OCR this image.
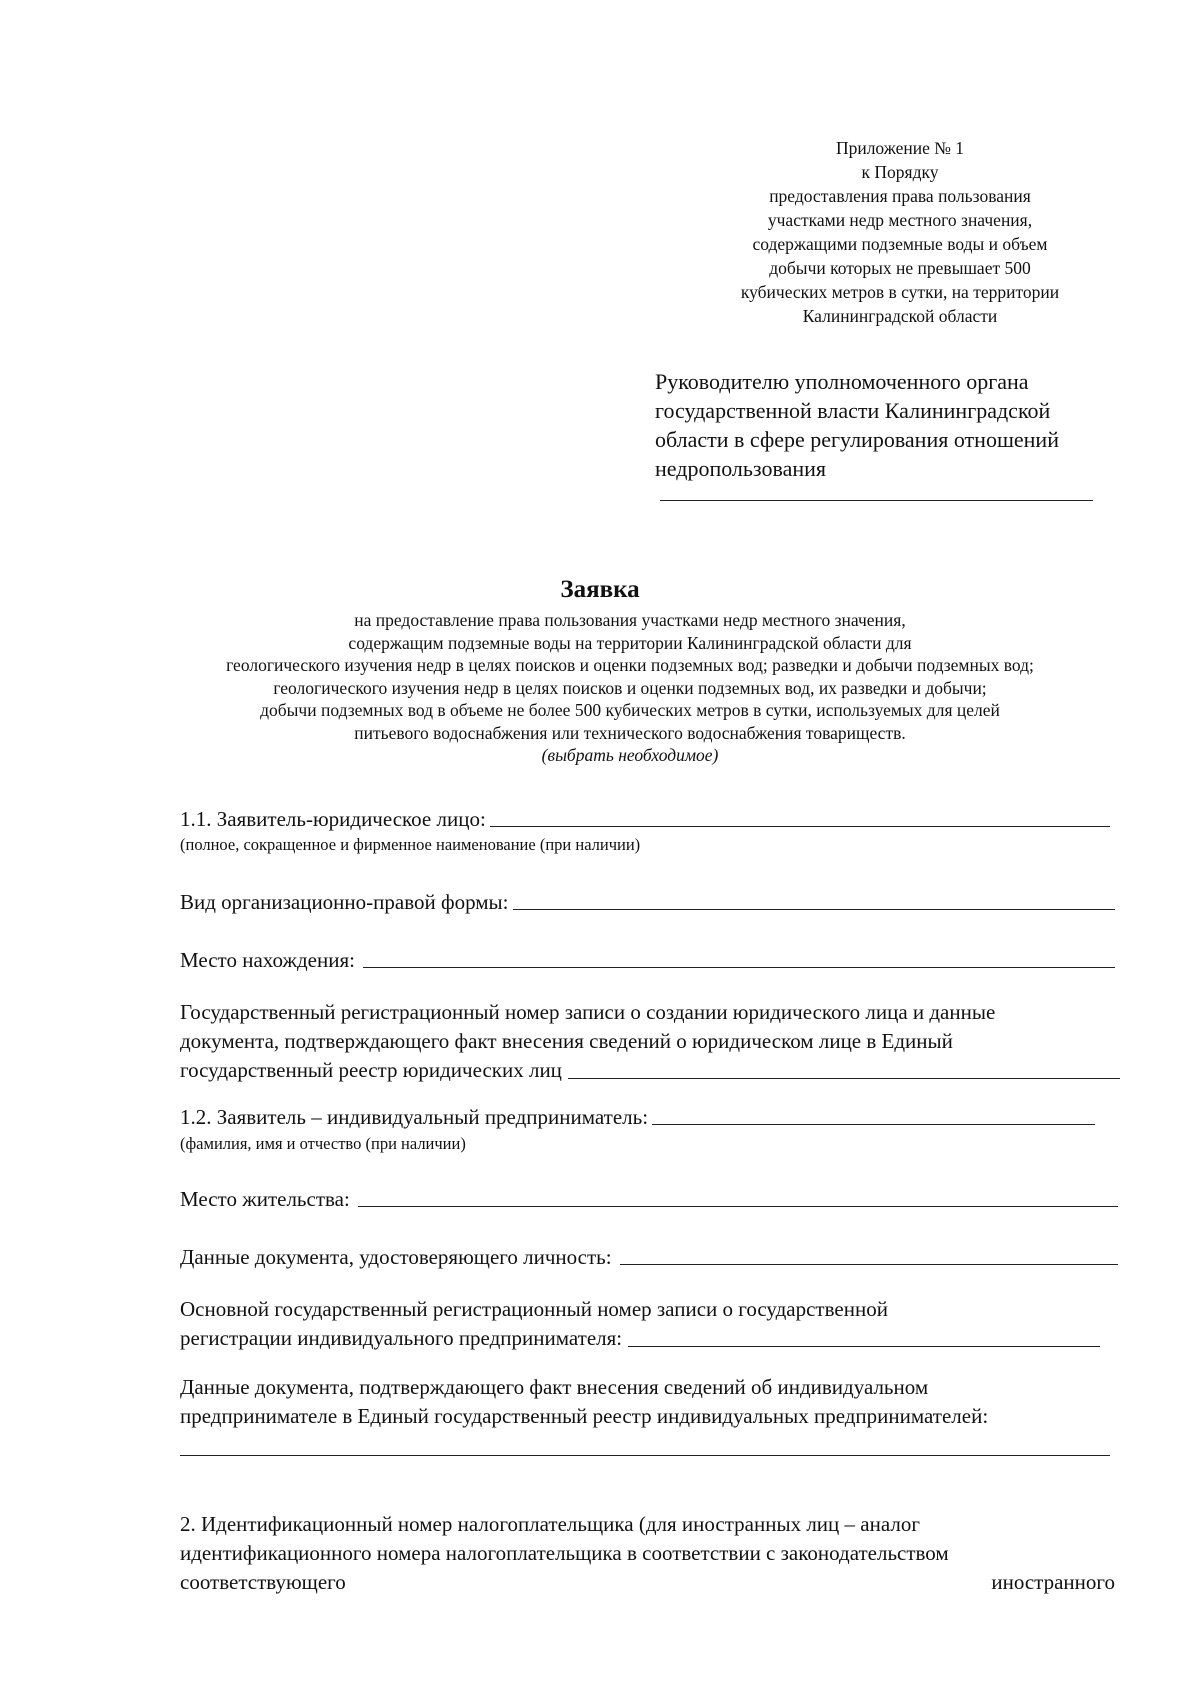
Приложение № 1
к Порядку
предоставления права пользования
участками недр местного значения,
содержащими подземные воды и объем
добычи которых не превышает 500
кубических метров в сутки, на территории
Калининградской области
Руководителю уполномоченного органа
государственной власти Калининградской
области в сфере регулирования отношений
недропользования
Заявка
на предоставление права пользования участками недр местного значения,
содержащим подземные воды на территории Калининградской области для
геологического изучения недр в целях поисков и оценки подземных вод; разведки и добычи подземных вод;
геологического изучения недр в целях поисков и оценки подземных вод, их разведки и добычи;
добычи подземных вод в объеме не более 500 кубических метров в сутки, используемых для целей
питьевого водоснабжения или технического водоснабжения товариществ.
(выбрать необходимое)
1.1. Заявитель-юридическое лицо:
(полное, сокращенное и фирменное наименование (при наличии)
Вид организационно-правой формы:
Место нахождения:
Государственный регистрационный номер записи о создании юридического лица и данные
документа, подтверждающего факт внесения сведений о юридическом лице в Единый
государственный реестр юридических лиц
1.2. Заявитель – индивидуальный предприниматель:
(фамилия, имя и отчество (при наличии)
Место жительства:
Данные документа, удостоверяющего личность:
Основной государственный регистрационный номер записи о государственной
регистрации индивидуального предпринимателя:
Данные документа, подтверждающего факт внесения сведений об индивидуальном
предпринимателе в Единый государственный реестр индивидуальных предпринимателей:
2. Идентификационный номер налогоплательщика (для иностранных лиц – аналог
идентификационного номера налогоплательщика в соответствии с законодательством
соответствующего	иностранного
